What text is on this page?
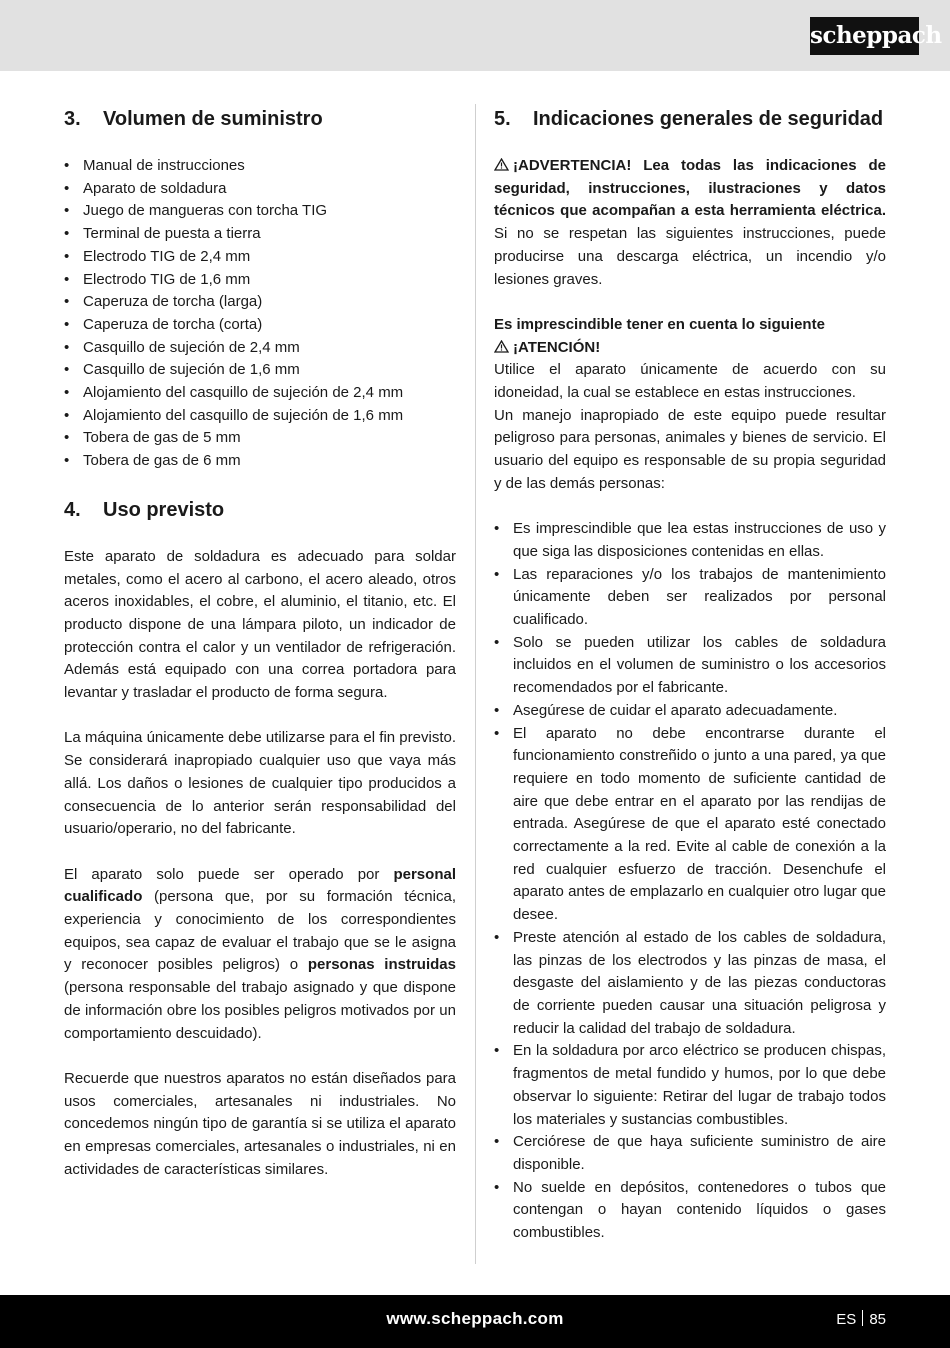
scheppach
3.	Volumen de suministro
• Manual de instrucciones
• Aparato de soldadura
• Juego de mangueras con torcha TIG
• Terminal de puesta a tierra
• Electrodo TIG de 2,4 mm
• Electrodo TIG de 1,6 mm
• Caperuza de torcha (larga)
• Caperuza de torcha (corta)
• Casquillo de sujeción de 2,4 mm
• Casquillo de sujeción de 1,6 mm
• Alojamiento del casquillo de sujeción de 2,4 mm
• Alojamiento del casquillo de sujeción de 1,6 mm
• Tobera de gas de 5 mm
• Tobera de gas de 6 mm
4.	Uso previsto

Este aparato de soldadura es adecuado para soldar metales, como el acero al carbono, el acero aleado, otros aceros inoxidables, el cobre, el aluminio, el titanio, etc. El producto dispone de una lámpara piloto, un indicador de protección contra el calor y un ventilador de refrigeración. Además está equipado con una correa portadora para levantar y trasladar el producto de forma segura.

La máquina únicamente debe utilizarse para el fin previsto. Se considerará inapropiado cualquier uso que vaya más allá. Los daños o lesiones de cualquier tipo producidos a consecuencia de lo anterior serán responsabilidad del usuario/operario, no del fabricante.

El aparato solo puede ser operado por personal cualificado (persona que, por su formación técnica, experiencia y conocimiento de los correspondientes equipos, sea capaz de evaluar el trabajo que se le asigna y reconocer posibles peligros) o personas instruidas (persona responsable del trabajo asignado y que dispone de información obre los posibles peligros motivados por un comportamiento descuidado).

Recuerde que nuestros aparatos no están diseñados para usos comerciales, artesanales ni industriales. No concedemos ningún tipo de garantía si se utiliza el aparato en empresas comerciales, artesanales o industriales, ni en actividades de características similares.

5.	Indicaciones generales de seguridad

¡ADVERTENCIA! Lea todas las indicaciones de seguridad, instrucciones, ilustraciones y datos técnicos que acompañan a esta herramienta eléctrica. Si no se respetan las siguientes instrucciones, puede producirse una descarga eléctrica, un incendio y/o lesiones graves.

Es imprescindible tener en cuenta lo siguiente

¡ATENCIÓN!

Utilice el aparato únicamente de acuerdo con su idoneidad, la cual se establece en estas instrucciones.

Un manejo inapropiado de este equipo puede resultar peligroso para personas, animales y bienes de servicio. El usuario del equipo es responsable de su propia seguridad y de las demás personas:

• Es imprescindible que lea estas instrucciones de uso y que siga las disposiciones contenidas en ellas.

• Las reparaciones y/o los trabajos de mantenimiento únicamente deben ser realizados por personal cualificado.

• Solo se pueden utilizar los cables de soldadura incluidos en el volumen de suministro o los accesorios recomendados por el fabricante.

• Asegúrese de cuidar el aparato adecuadamente.

• El aparato no debe encontrarse durante el funcionamiento constreñido o junto a una pared, ya que requiere en todo momento de suficiente cantidad de aire que debe entrar en el aparato por las rendijas de entrada. Asegúrese de que el aparato esté conectado correctamente a la red. Evite al cable de conexión a la red cualquier esfuerzo de tracción. Desenchufe el aparato antes de emplazarlo en cualquier otro lugar que desee.

• Preste atención al estado de los cables de soldadura, las pinzas de los electrodos y las pinzas de masa, el desgaste del aislamiento y de las piezas conductoras de corriente pueden causar una situación peligrosa y reducir la calidad del trabajo de soldadura.

• En la soldadura por arco eléctrico se producen chispas, fragmentos de metal fundido y humos, por lo que debe observar lo siguiente: Retirar del lugar de trabajo todos los materiales y sustancias combustibles.

• Cerciórese de que haya suficiente suministro de aire disponible.

• No suelde en depósitos, contenedores o tubos que contengan o hayan contenido líquidos o gases combustibles.

www.scheppach.com	ES 85
